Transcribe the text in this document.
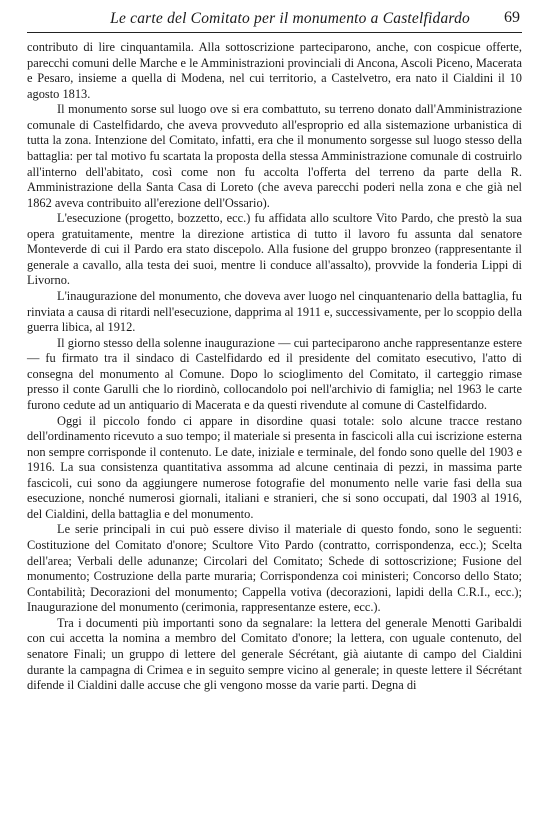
Le carte del Comitato per il monumento a Castelfidardo 69

contributo di lire cinquantamila. Alla sottoscrizione parteciparono, anche, con cospicue offerte, parecchi comuni delle Marche e le Amministrazioni provinciali di Ancona, Ascoli Piceno, Macerata e Pesaro, insieme a quella di Modena, nel cui territorio, a Castelvetro, era nato il Cialdini il 10 agosto 1813.

Il monumento sorse sul luogo ove si era combattuto, su terreno donato dall'Amministrazione comunale di Castelfidardo, che aveva provveduto all'esproprio ed alla sistemazione urbanistica di tutta la zona. Intenzione del Comitato, infatti, era che il monumento sorgesse sul luogo stesso della battaglia: per tal motivo fu scartata la proposta della stessa Amministrazione comunale di costruirlo all'interno dell'abitato, così come non fu accolta l'offerta del terreno da parte della R. Amministrazione della Santa Casa di Loreto (che aveva parecchi poderi nella zona e che già nel 1862 aveva contribuito all'erezione dell'Ossario).

L'esecuzione (progetto, bozzetto, ecc.) fu affidata allo scultore Vito Pardo, che prestò la sua opera gratuitamente, mentre la direzione artistica di tutto il lavoro fu assunta dal senatore Monteverde di cui il Pardo era stato discepolo. Alla fusione del gruppo bronzeo (rappresentante il generale a cavallo, alla testa dei suoi, mentre li conduce all'assalto), provvide la fonderia Lippi di Livorno.

L'inaugurazione del monumento, che doveva aver luogo nel cinquantenario della battaglia, fu rinviata a causa di ritardi nell'esecuzione, dapprima al 1911 e, successivamente, per lo scoppio della guerra libica, al 1912.

Il giorno stesso della solenne inaugurazione — cui parteciparono anche rappresentanze estere — fu firmato tra il sindaco di Castelfidardo ed il presidente del comitato esecutivo, l'atto di consegna del monumento al Comune. Dopo lo scioglimento del Comitato, il carteggio rimase presso il conte Garulli che lo riordinò, collocandolo poi nell'archivio di famiglia; nel 1963 le carte furono cedute ad un antiquario di Macerata e da questi rivendute al comune di Castelfidardo.

Oggi il piccolo fondo ci appare in disordine quasi totale: solo alcune tracce restano dell'ordinamento ricevuto a suo tempo; il materiale si presenta in fascicoli alla cui iscrizione esterna non sempre corrisponde il contenuto. Le date, iniziale e terminale, del fondo sono quelle del 1903 e 1916. La sua consistenza quantitativa assomma ad alcune centinaia di pezzi, in massima parte fascicoli, cui sono da aggiungere numerose fotografie del monumento nelle varie fasi della sua esecuzione, nonché numerosi giornali, italiani e stranieri, che si sono occupati, dal 1903 al 1916, del Cialdini, della battaglia e del monumento.

Le serie principali in cui può essere diviso il materiale di questo fondo, sono le seguenti: Costituzione del Comitato d'onore; Scultore Vito Pardo (contratto, corrispondenza, ecc.); Scelta dell'area; Verbali delle adunanze; Circolari del Comitato; Schede di sottoscrizione; Fusione del monumento; Costruzione della parte muraria; Corrispondenza coi ministeri; Concorso dello Stato; Contabilità; Decorazioni del monumento; Cappella votiva (decorazioni, lapidi della C.R.I., ecc.); Inaugurazione del monumento (cerimonia, rappresentanze estere, ecc.).

Tra i documenti più importanti sono da segnalare: la lettera del generale Menotti Garibaldi con cui accetta la nomina a membro del Comitato d'onore; la lettera, con uguale contenuto, del senatore Finali; un gruppo di lettere del generale Sécrétant, già aiutante di campo del Cialdini durante la campagna di Crimea e in seguito sempre vicino al generale; in queste lettere il Sécrétant difende il Cialdini dalle accuse che gli vengono mosse da varie parti. Degna di
